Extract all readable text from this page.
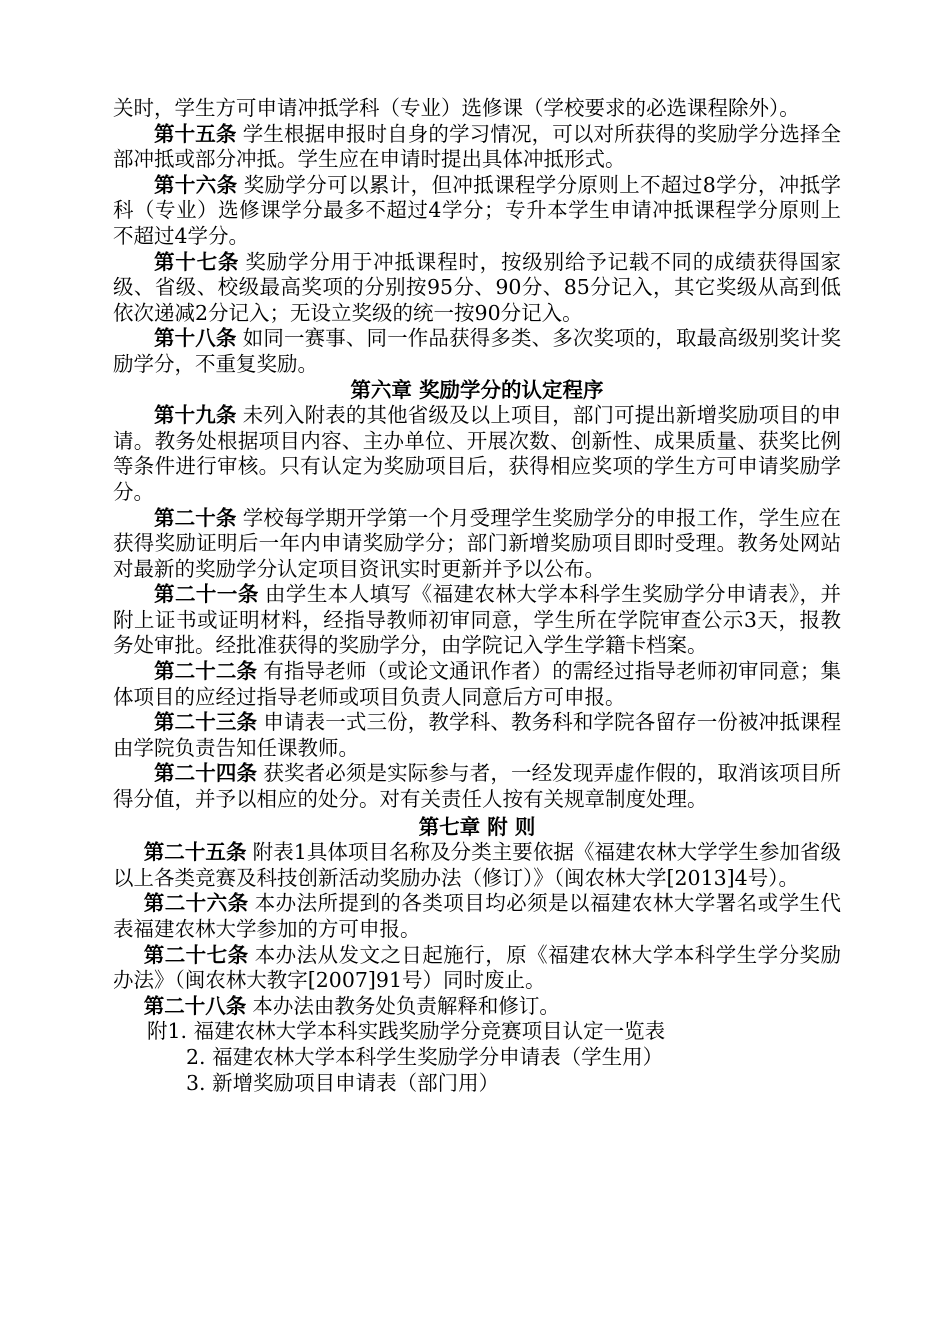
关时，学生方可申请冲抵学科（专业）选修课（学校要求的必选课程除外）。

第十五条 学生根据申报时自身的学习情况，可以对所获得的奖励学分选择全部冲抵或部分冲抵。学生应在申请时提出具体冲抵形式。

第十六条 奖励学分可以累计，但冲抵课程学分原则上不超过8学分，冲抵学科（专业）选修课学分最多不超过4学分；专升本学生申请冲抵课程学分原则上不超过4学分。

第十七条 奖励学分用于冲抵课程时，按级别给予记载不同的成绩获得国家级、省级、校级最高奖项的分别按95分、90分、85分记入，其它奖级从高到低依次递减2分记入；无设立奖级的统一按90分记入。

第十八条 如同一赛事、同一作品获得多类、多次奖项的，取最高级别奖计奖励学分，不重复奖励。

第六章 奖励学分的认定程序

第十九条 未列入附表的其他省级及以上项目，部门可提出新增奖励项目的申请。教务处根据项目内容、主办单位、开展次数、创新性、成果质量、获奖比例等条件进行审核。只有认定为奖励项目后，获得相应奖项的学生方可申请奖励学分。

第二十条 学校每学期开学第一个月受理学生奖励学分的申报工作，学生应在获得奖励证明后一年内申请奖励学分；部门新增奖励项目即时受理。教务处网站对最新的奖励学分认定项目资讯实时更新并予以公布。

第二十一条 由学生本人填写《福建农林大学本科学生奖励学分申请表》，并附上证书或证明材料，经指导教师初审同意，学生所在学院审查公示3天，报教务处审批。经批准获得的奖励学分，由学院记入学生学籍卡档案。

第二十二条 有指导老师（或论文通讯作者）的需经过指导老师初审同意；集体项目的应经过指导老师或项目负责人同意后方可申报。

第二十三条 申请表一式三份，教学科、教务科和学院各留存一份被冲抵课程由学院负责告知任课教师。

第二十四条 获奖者必须是实际参与者，一经发现弄虚作假的，取消该项目所得分值，并予以相应的处分。对有关责任人按有关规章制度处理。

第七章 附 则

第二十五条 附表1具体项目名称及分类主要依据《福建农林大学学生参加省级以上各类竞赛及科技创新活动奖励办法（修订）》（闽农林大学[2013]4号）。

第二十六条 本办法所提到的各类项目均必须是以福建农林大学署名或学生代表福建农林大学参加的方可申报。

第二十七条 本办法从发文之日起施行，原《福建农林大学本科学生学分奖励办法》（闽农林大教字[2007]91号）同时废止。

第二十八条 本办法由教务处负责解释和修订。

附1. 福建农林大学本科实践奖励学分竞赛项目认定一览表

2. 福建农林大学本科学生奖励学分申请表（学生用）

3. 新增奖励项目申请表（部门用）
